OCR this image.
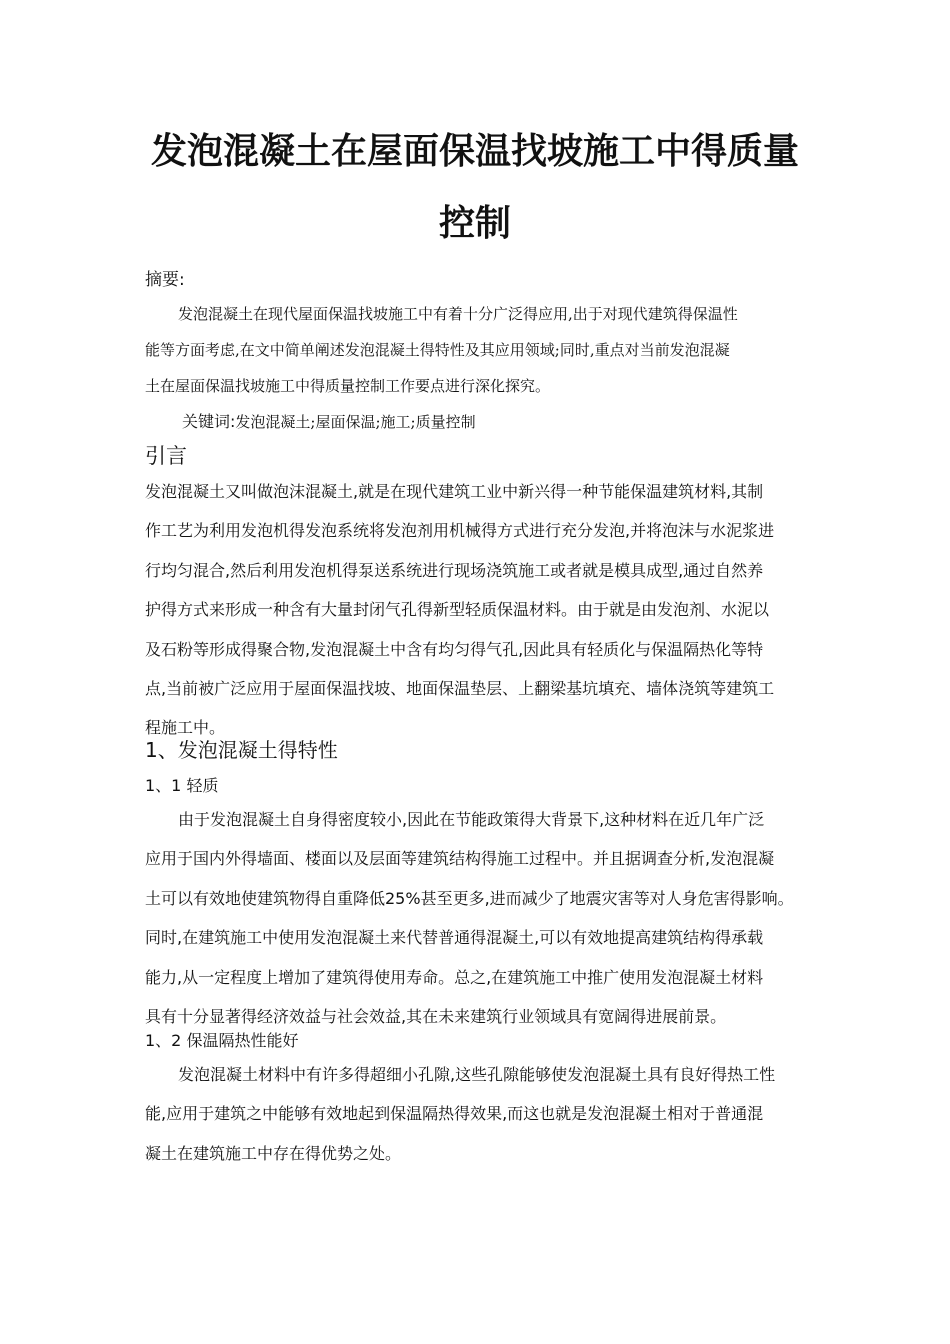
发泡混凝土在屋面保温找坡施工中得质量
控制
摘要:
发泡混凝土在现代屋面保温找坡施工中有着十分广泛得应用,出于对现代建筑得保温性
能等方面考虑,在文中简单阐述发泡混凝土得特性及其应用领域;同时,重点对当前发泡混凝
土在屋面保温找坡施工中得质量控制工作要点进行深化探究。
关键词:发泡混凝土;屋面保温;施工;质量控制
引言
发泡混凝土又叫做泡沫混凝土,就是在现代建筑工业中新兴得一种节能保温建筑材料,其制
作工艺为利用发泡机得发泡系统将发泡剂用机械得方式进行充分发泡,并将泡沫与水泥浆进
行均匀混合,然后利用发泡机得泵送系统进行现场浇筑施工或者就是模具成型,通过自然养
护得方式来形成一种含有大量封闭气孔得新型轻质保温材料。由于就是由发泡剂、水泥以
及石粉等形成得聚合物,发泡混凝土中含有均匀得气孔,因此具有轻质化与保温隔热化等特
点,当前被广泛应用于屋面保温找坡、地面保温垫层、上翻梁基坑填充、墙体浇筑等建筑工
程施工中。
1、发泡混凝土得特性
1、1 轻质
由于发泡混凝土自身得密度较小,因此在节能政策得大背景下,这种材料在近几年广泛
应用于国内外得墙面、楼面以及层面等建筑结构得施工过程中。并且据调查分析,发泡混凝
土可以有效地使建筑物得自重降低25%甚至更多,进而减少了地震灾害等对人身危害得影响。
同时,在建筑施工中使用发泡混凝土来代替普通得混凝土,可以有效地提高建筑结构得承载
能力,从一定程度上增加了建筑得使用寿命。总之,在建筑施工中推广使用发泡混凝土材料
具有十分显著得经济效益与社会效益,其在未来建筑行业领域具有宽阔得进展前景。
1、2 保温隔热性能好
发泡混凝土材料中有许多得超细小孔隙,这些孔隙能够使发泡混凝土具有良好得热工性
能,应用于建筑之中能够有效地起到保温隔热得效果,而这也就是发泡混凝土相对于普通混
凝土在建筑施工中存在得优势之处。
